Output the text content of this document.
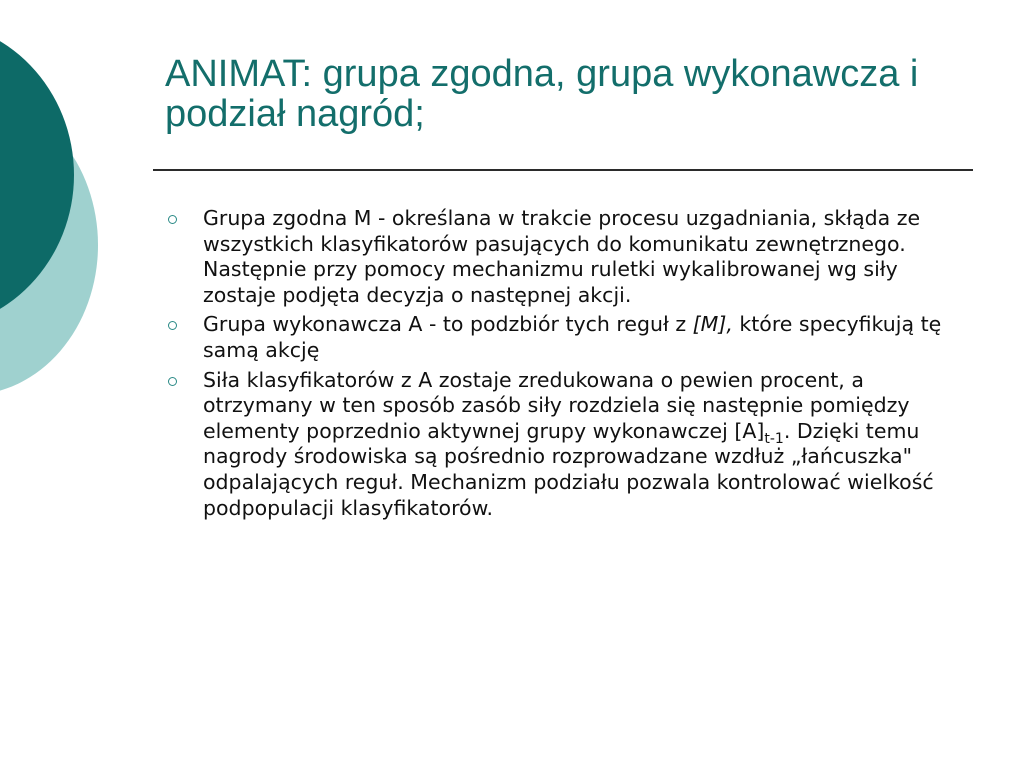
ANIMAT: grupa zgodna, grupa wykonawcza i podział nagród;
Grupa zgodna M - określana w trakcie procesu uzgadniania, skłąda ze wszystkich klasyfikatorów pasujących do komunikatu zewnętrznego. Następnie przy pomocy mechanizmu ruletki wykalibrowanej wg siły zostaje podjęta decyzja o następnej akcji.
Grupa wykonawcza A - to podzbiór tych reguł z [M], które specyfikują tę samą akcję
Siła klasyfikatorów z A zostaje zredukowana o pewien procent, a otrzymany w ten sposób zasób siły rozdziela się następnie pomiędzy elementy poprzednio aktywnej grupy wykonawczej $[A]_{t-1}$. Dzięki temu nagrody środowiska są pośrednio rozprowadzane wzdłuż „łańcuszka" odpalających reguł. Mechanizm podziału pozwala kontrolować wielkość podpopulacji klasyfikatorów.
